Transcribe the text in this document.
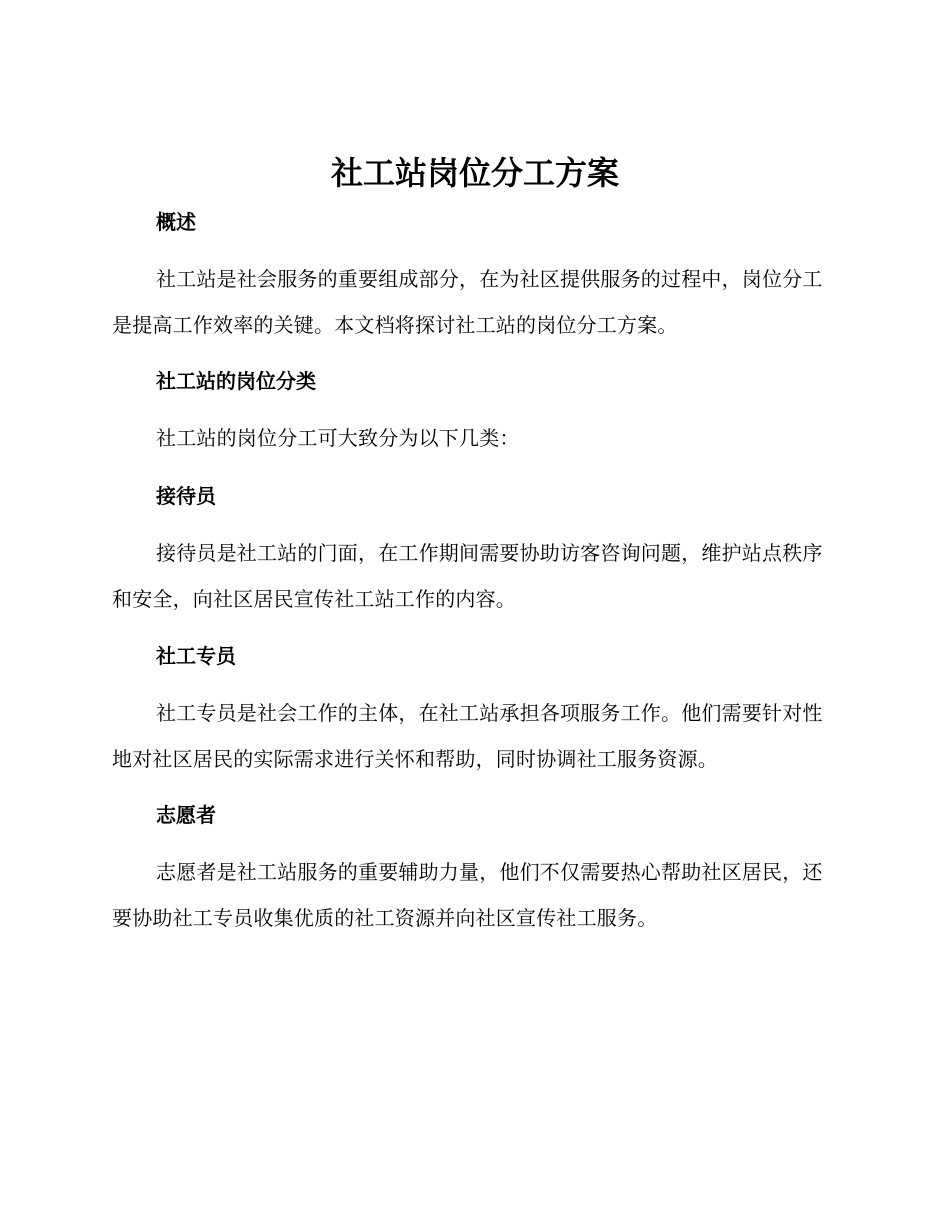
社工站岗位分工方案
概述

社工站是社会服务的重要组成部分，在为社区提供服务的过程中，岗位分工是提高工作效率的关键。本文档将探讨社工站的岗位分工方案。

社工站的岗位分类

社工站的岗位分工可大致分为以下几类：

接待员

接待员是社工站的门面，在工作期间需要协助访客咨询问题，维护站点秩序和安全，向社区居民宣传社工站工作的内容。

社工专员

社工专员是社会工作的主体，在社工站承担各项服务工作。他们需要针对性地对社区居民的实际需求进行关怀和帮助，同时协调社工服务资源。

志愿者

志愿者是社工站服务的重要辅助力量，他们不仅需要热心帮助社区居民，还要协助社工专员收集优质的社工资源并向社区宣传社工服务。
